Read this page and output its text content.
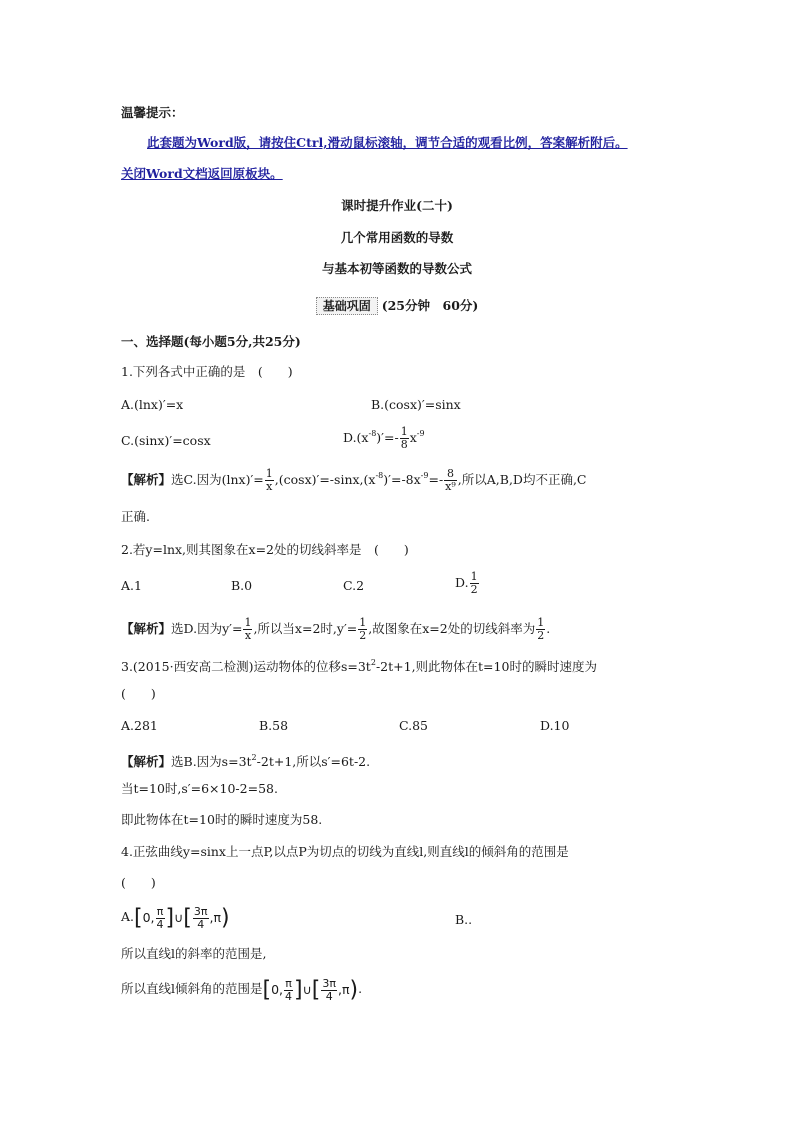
温馨提示：
此套题为Word版，请按住Ctrl,滑动鼠标滚轴，调节合适的观看比例，答案解析附后。
关闭Word文档返回原板块。
课时提升作业(二十)
几个常用函数的导数
与基本初等函数的导数公式
基础巩固 (25分钟　60分)
一、选择题(每小题5分,共25分)
1.下列各式中正确的是　(　　)
A.(lnx)′=x	B.(cosx)′=sinx
C.(sinx)′=cosx	$D.(x^{-8})'=- \frac{1}{8} x^{-9}$
【解析】选C.因为$(\ln x)'= \frac{1}{x} ,(\cos x)'=-\sin x,(x^{-8})'=-8x^{-9}=- \frac{8}{\text{x⁹}}$ ,所以A,B,D均不正确,C
正确.
2.若y=lnx,则其图象在x=2处的切线斜率是　(　　)
A.1	B.0	C.2	D. $\frac{1}{2}$
【解析】选D.因为$y'= \frac{1}{x}$ ,所以当x=2时$,y'= \frac{1}{2}$ ,故图象在x=2处的切线斜率为 $\frac{1}{2}$ .
3.(2015·西安高二检测)运动物体的位移$s=3t^2-2t+1$,则此物体在t=10时的瞬时速度为
(　　)
A.281	B.58	C.85	D.10
【解析】选B.因为$s=3t^2-2t+1$,所以s′=6t-2.
当t=10时,s′=6×10-2=58.
即此物体在t=10时的瞬时速度为58.
4.正弦曲线y=sinx上一点P,以点P为切点的切线为直线l,则直线l的倾斜角的范围是
(　　)
A.[0, $\frac{\pi}{4}$ ]∪[ $\frac{3\pi}{4} ,\pi$)	B..
所以直线l的斜率的范围是,
所以直线l倾斜角的范围是[0, $\frac{\pi}{4}$ ]∪[ $\frac{3\pi}{4} ,\pi$).
